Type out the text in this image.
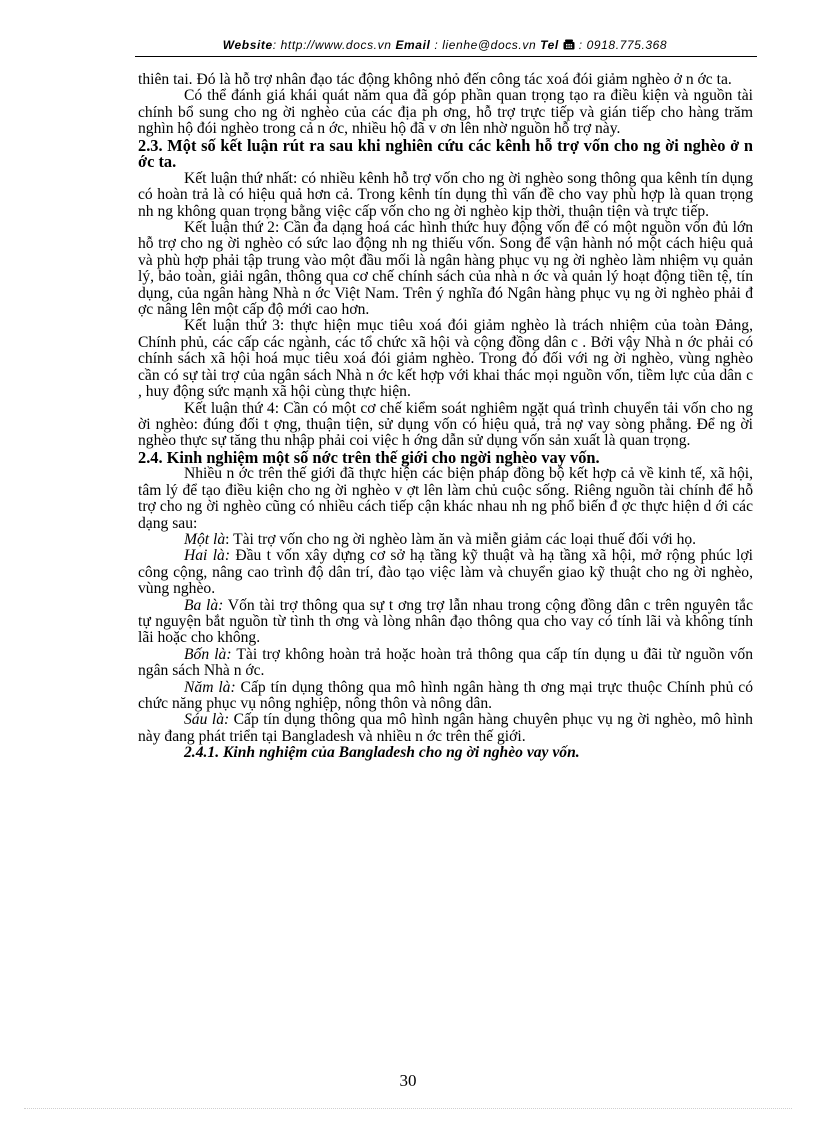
Website: http://www.docs.vn Email : lienhe@docs.vn Tel  : 0918.775.368

thiên tai. Đó là hỗ trợ nhân đạo tác động không nhỏ đến công tác xoá đói giảm nghèo ở n ớc ta.

Có thể đánh giá khái quát năm qua đã góp phần quan trọng tạo ra điều kiện và nguồn tài chính bổ sung cho ng ời nghèo của các địa ph ơng, hỗ trợ trực tiếp và gián tiếp cho hàng trăm nghìn hộ đói nghèo trong cả n ớc, nhiều hộ đã v ơn lên nhờ nguồn hỗ trợ này.

2.3. Một số kết luận rút ra sau khi nghiên cứu các kênh hỗ trợ vốn cho ng ời nghèo ở n ớc ta.

Kết luận thứ nhất: có nhiều kênh hỗ trợ vốn cho ng ời nghèo song thông qua kênh tín dụng có hoàn trả là có hiệu quả hơn cả. Trong kênh tín dụng thì vấn đề cho vay phù hợp là quan trọng nh ng không quan trọng bằng việc cấp vốn cho ng ời nghèo kịp thời, thuận tiện và trực tiếp.

Kết luận thứ 2: Cần đa dạng hoá các hình thức huy động vốn để có một nguồn vốn đủ lớn hỗ trợ cho ng ời nghèo có sức lao động nh ng thiếu vốn. Song để vận hành nó một cách hiệu quả và phù hợp phải tập trung vào một đầu mối là ngân hàng phục vụ ng ời nghèo làm nhiệm vụ quản lý, bảo toàn, giải ngân, thông qua cơ chế chính sách của nhà n ớc và quản lý hoạt động tiền tệ, tín dụng, của ngân hàng Nhà n ớc Việt Nam. Trên ý nghĩa đó Ngân hàng phục vụ ng ời nghèo phải đ ợc nâng lên một cấp độ mới cao hơn.

Kết luận thứ 3: thực hiện mục tiêu xoá đói giảm nghèo là trách nhiệm của toàn Đảng, Chính phủ, các cấp các ngành, các tổ chức xã hội và cộng đồng dân c . Bởi vậy Nhà n ớc phải có chính sách xã hội hoá mục tiêu xoá đói giảm nghèo. Trong đó đối với ng ời nghèo, vùng nghèo cần có sự tài trợ của ngân sách Nhà n ớc kết hợp với khai thác mọi nguồn vốn, tiềm lực của dân c , huy động sức mạnh xã hội cùng thực hiện.

Kết luận thứ 4: Cần có một cơ chế kiểm soát nghiêm ngặt quá trình chuyển tải vốn cho ng ời nghèo: đúng đối t ợng, thuận tiện, sử dụng vốn có hiệu quả, trả nợ vay sòng phẳng. Để ng ời nghèo thực sự tăng thu nhập phải coi việc h ớng dẫn sử dụng vốn sản xuất là quan trọng.

2.4. Kinh nghiệm một số nớc trên thế giới cho ngời nghèo vay vốn.

Nhiều n ớc trên thế giới đã thực hiện các biện pháp đồng bộ kết hợp cả về kinh tế, xã hội, tâm lý để tạo điều kiện cho ng ời nghèo v ợt lên làm chủ cuộc sống. Riêng nguồn tài chính để hỗ trợ cho ng ời nghèo cũng có nhiều cách tiếp cận khác nhau nh ng phổ biến đ ợc thực hiện d ới các dạng sau:

Một là: Tài trợ vốn cho ng ời nghèo làm ăn và miễn giảm các loại thuế đối với họ.

Hai là: Đầu t vốn xây dựng cơ sở hạ tầng kỹ thuật và hạ tầng xã hội, mở rộng phúc lợi công cộng, nâng cao trình độ dân trí, đào tạo việc làm và chuyển giao kỹ thuật cho ng ời nghèo, vùng nghèo.

Ba là: Vốn tài trợ thông qua sự t ơng trợ lẫn nhau trong cộng đồng dân c trên nguyên tắc tự nguyện bắt nguồn từ tình th ơng và lòng nhân đạo thông qua cho vay có tính lãi và không tính lãi hoặc cho không.

Bốn là: Tài trợ không hoàn trả hoặc hoàn trả thông qua cấp tín dụng u đãi từ nguồn vốn ngân sách Nhà n ớc.

Năm là: Cấp tín dụng thông qua mô hình ngân hàng th ơng mại trực thuộc Chính phủ có chức năng phục vụ nông nghiệp, nông thôn và nông dân.

Sáu là: Cấp tín dụng thông qua mô hình ngân hàng chuyên phục vụ ng ời nghèo, mô hình này đang phát triển tại Bangladesh và nhiều n ớc trên thế giới.

2.4.1. Kinh nghiệm của Bangladesh cho ng ời nghèo vay vốn.

30
